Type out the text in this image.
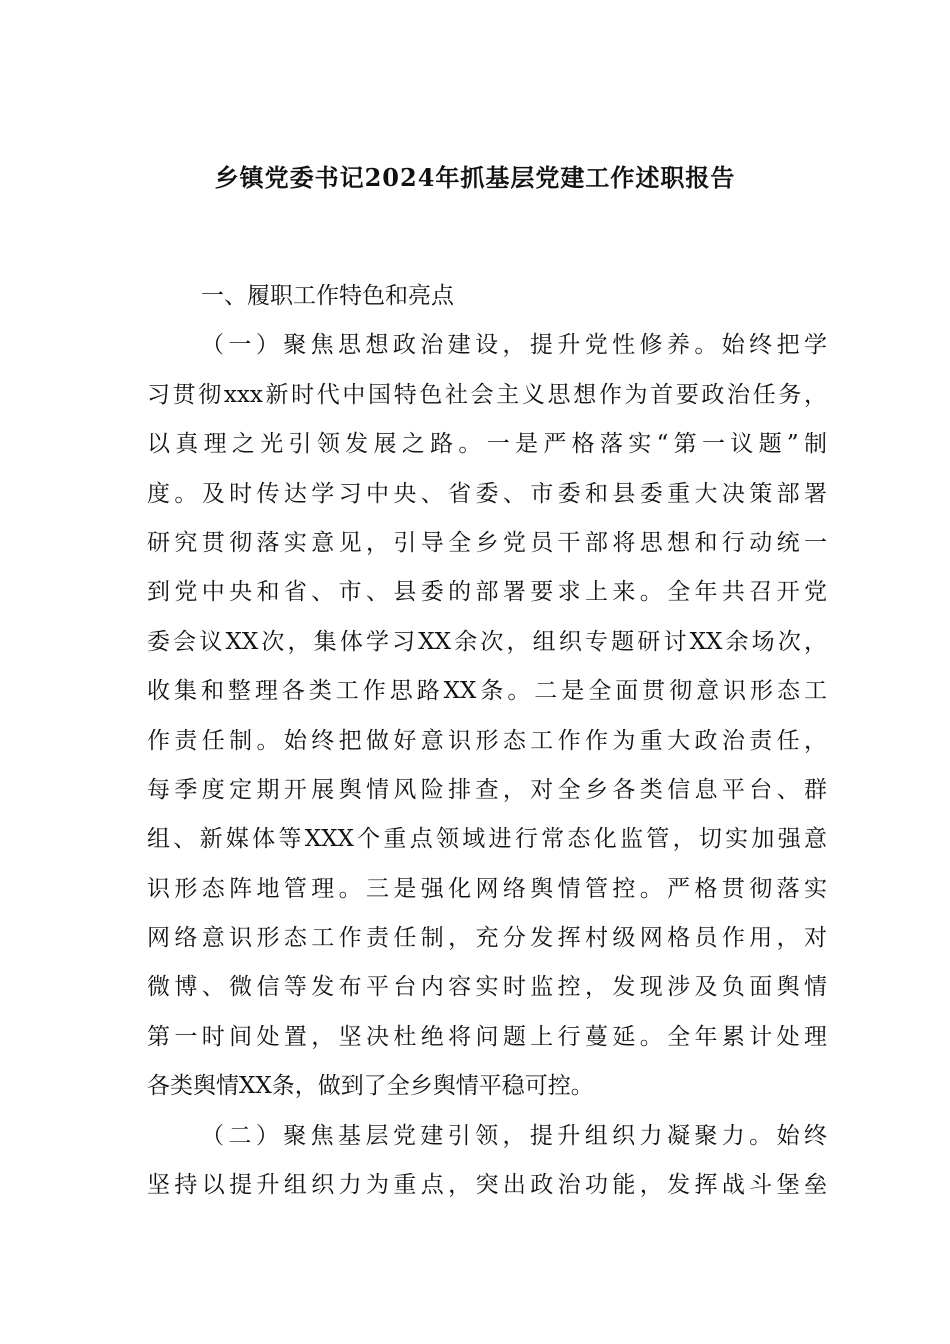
乡镇党委书记2024年抓基层党建工作述职报告
一、履职工作特色和亮点
（一）聚焦思想政治建设，提升党性修养。始终把学
习贯彻xxx新时代中国特色社会主义思想作为首要政治任务，
以真理之光引领发展之路。一是严格落实“第一议题”制
度。及时传达学习中央、省委、市委和县委重大决策部署
研究贯彻落实意见，引导全乡党员干部将思想和行动统一
到党中央和省、市、县委的部署要求上来。全年共召开党
委会议XX次，集体学习XX余次，组织专题研讨XX余场次，
收集和整理各类工作思路XX条。二是全面贯彻意识形态工
作责任制。始终把做好意识形态工作作为重大政治责任，
每季度定期开展舆情风险排查，对全乡各类信息平台、群
组、新媒体等XXX个重点领域进行常态化监管，切实加强意
识形态阵地管理。三是强化网络舆情管控。严格贯彻落实
网络意识形态工作责任制，充分发挥村级网格员作用，对
微博、微信等发布平台内容实时监控，发现涉及负面舆情
第一时间处置，坚决杜绝将问题上行蔓延。全年累计处理
各类舆情XX条，做到了全乡舆情平稳可控。
（二）聚焦基层党建引领，提升组织力凝聚力。始终
坚持以提升组织力为重点，突出政治功能，发挥战斗堡垒
